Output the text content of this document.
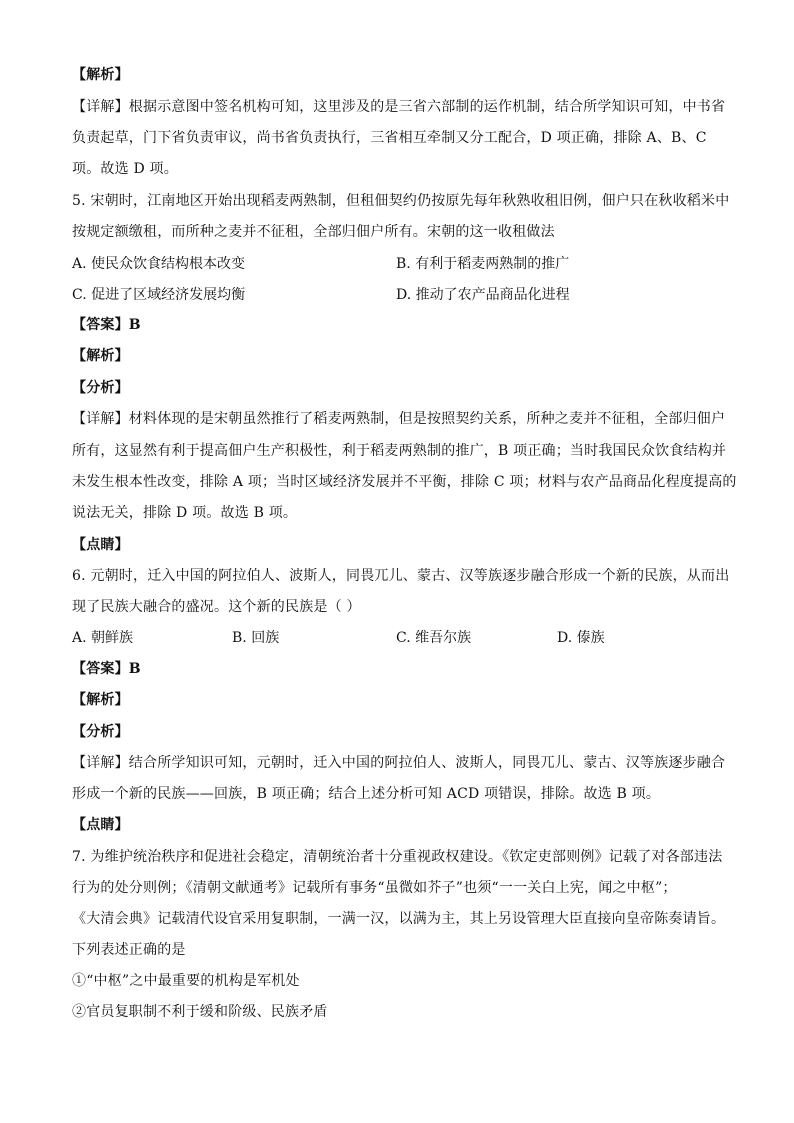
【解析】
【详解】根据示意图中签名机构可知，这里涉及的是三省六部制的运作机制，结合所学知识可知，中书省
负责起草，门下省负责审议，尚书省负责执行，三省相互牵制又分工配合，D 项正确，排除 A、B、C
项。故选 D 项。
5. 宋朝时，江南地区开始出现稻麦两熟制，但租佃契约仍按原先每年秋熟收租旧例，佃户只在秋收稻米中
按规定额缴租，而所种之麦并不征租，全部归佃户所有。宋朝的这一收租做法
A. 使民众饮食结构根本改变	B. 有利于稻麦两熟制的推广
C. 促进了区域经济发展均衡	D. 推动了农产品商品化进程
【答案】B
【解析】
【分析】
【详解】材料体现的是宋朝虽然推行了稻麦两熟制，但是按照契约关系，所种之麦并不征租，全部归佃户
所有，这显然有利于提高佃户生产积极性，利于稻麦两熟制的推广，B 项正确；当时我国民众饮食结构并
未发生根本性改变，排除 A 项；当时区域经济发展并不平衡，排除 C 项；材料与农产品商品化程度提高的
说法无关，排除 D 项。故选 B 项。
【点睛】
6. 元朝时，迁入中国的阿拉伯人、波斯人，同畏兀儿、蒙古、汉等族逐步融合形成一个新的民族，从而出
现了民族大融合的盛况。这个新的民族是（ ）
A. 朝鲜族	B. 回族	C. 维吾尔族	D. 傣族
【答案】B
【解析】
【分析】
【详解】结合所学知识可知，元朝时，迁入中国的阿拉伯人、波斯人，同畏兀儿、蒙古、汉等族逐步融合
形成一个新的民族——回族，B 项正确；结合上述分析可知 ACD 项错误，排除。故选 B 项。
【点睛】
7. 为维护统治秩序和促进社会稳定，清朝统治者十分重视政权建设。《钦定吏部则例》记载了对各部违法
行为的处分则例；《清朝文献通考》记载所有事务“虽微如芥子”也须“一一关白上宪，闻之中枢”；
《大清会典》记载清代设官采用复职制，一满一汉，以满为主，其上另设管理大臣直接向皇帝陈奏请旨。
下列表述正确的是
①“中枢”之中最重要的机构是军机处
②官员复职制不利于缓和阶级、民族矛盾
